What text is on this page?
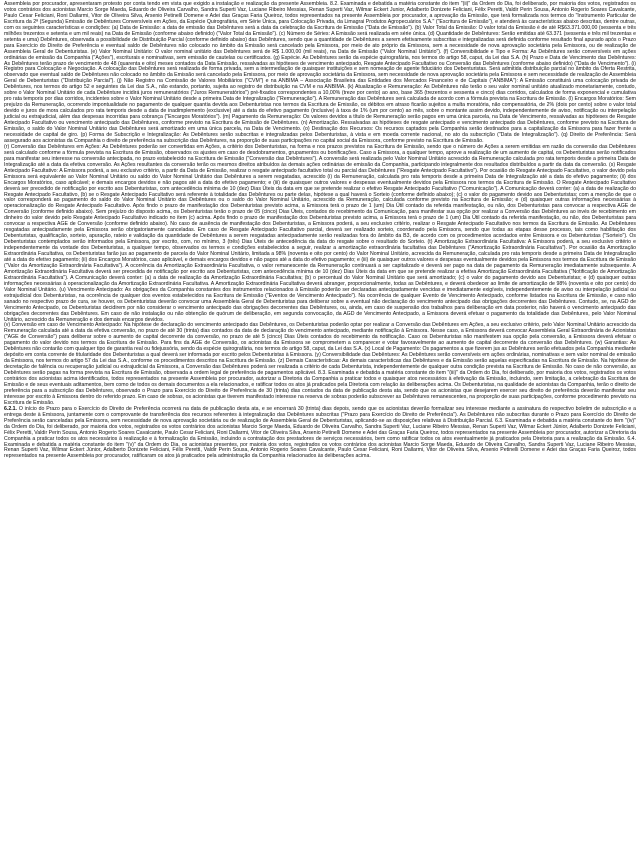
Assembleia por procurador, apresentaram protesto por conta tendo em vista que exigido a instalação e realização da presente Assembleia. 8.2. Examinada e debatida a matéria constante do item "(ii)" da Ordem do Dia, foi deliberado, por maioria dos votos, registrados os votos contrários dos acionistas Marcio Sorge Maeda, Eduardo de Oliveira Carvalho, Sandra Superti Vaz, Luciane Ribeiro Messias, Renan Superti Vaz, Wilmar Eckert Junior, Adalberto Donizete Feliciani, Félix Peretti, Valdir Perin Sousa, Antonio Rogerio Soares Cavalcante, Paulo Cesar Feliciani, Roni Dallarmi, Vitor de Oliveira Silva, Arsenio Petinelli Domene e Adei das Graças Faria Queiroz, todos representados na presente Assembleia por procurador, a aprovação da Emissão, que terá formalizada nos termos do "Instrumento Particular de Escritura da 2ª (Segunda) Emissão de Debêntures Conversíveis em Ações, da Espécie Quirografária, em Série Única, para Colocação Privada, da Limagrai Produtos Agropecuários S.A." ("Escritura de Emissão"), e atenderá às características abaixo descritas, dentre outras, com os seguintes características e condições: (a) Data de Emissão: a data de emissão das Debêntures será a data da celebração da Escritura de Emissão ("Data de Emissão"). (b) Valor Total da Emissão: O valor total da Emissão é de até R$63.371.000,00 (sessenta e três milhões trezentos e setenta e um mil reais) na Data de Emissão (conforme abaixo definido) ("Valor Total da Emissão"). (c) Número de Séries: A Emissão será realizada em série única. (d) Quantidade de Debêntures: Serão emitidas até 63.371 (sessenta e três mil trezentas e setenta e uma) Debêntures, observada a possibilidade de Distribuição Parcial (conforme definido abaixo) das Debêntures, sendo que a quantidade de Debêntures a serem efetivamente subscritas e integralizadas será definida conforme resultado final apurado após o Prazo para Exercício do Direito de Preferência e eventual saldo de Debêntures não colocado no âmbito da Emissão será cancelado pela Emissora, por meio de ato próprio da Emissora, sem a necessidade de nova aprovação societária pela Emissora, ou de realização de Assembleia Geral de Debenturistas. (e) Valor Nominal Unitário: O valor nominal unitário das Debêntures será de R$ 1.000,00 (mil reais), na Data de Emissão ("Valor Nominal Unitário"). (f) Conversibilidade e Tipo e Forma: As Debêntures serão conversíveis em ações ordinárias de emissão da Companhia ("Ações"), escriturais e nominativas, sem emissão de cautelas ou certificados. (g) Espécie. As Debêntures serão da espécie quirografária, nos termos do artigo 58, caput, da Lei das S.A. (h) Prazo e Data de Vencimento das Debêntures: As Debêntures terão prazo de vencimento de 48 (quarenta e oito) meses contados da Data Emissão, ressalvadas as hipóteses de vencimento antecipado, Resgate Antecipado Facultativo ou Conversão das Debêntures (conforme abaixo definido) ("Data de Vencimento"). (i) Registro para Colocação e Negociação. A colocação das Debêntures será realizada de forma privada, sem a intermediação de quaisquer instituições e sem nomeação de agente fiduciário dos Debenturistas. Será admitida distribuição parcial no âmbito da Oferta Restrita, observado que eventual saldo de Debêntures não colocado no âmbito da Emissão será cancelado pela Emissora, por meio de aprovação societária da Emissora, sem necessidade de nova aprovação societária pela Emissora e sem necessidade de realização de Assembleia Geral de Debenturistas ("Distribuição Parcial"). (j) Não Registro na Comissão de Valores Mobiliários ("CVM") e na ANBIMA – Associação Brasileira das Entidades dos Mercados Financeiro e de Capitais ("ANBIMA"): A Emissão constituirá uma colocação privada de Debêntures, nos termos do artigo 52 e seguintes da Lei das S.A., não estando, portanto, sujeita ao registro de distribuição na CVM e na ANBIMA. (k) Atualização e Remuneração: As Debêntures não terão o seu valor nominal unitário atualizado monetariamente, contudo, sobre o Valor Nominal Unitário de cada Debênture incidirá juros remuneratórios ("Juros Remuneratórios") pré-fixados correspondentes a 10,00% (treze por cento) ao ano, base 365 (trezentos e sessenta e cinco) dias corridos, calculados de forma exponencial e cumulativa pro rata temporis por dias corridos, incidentes sobre o Valor Nominal Unitário desde a primeira Data de Integralização ("Remuneração"). A Remuneração das Debêntures será calculada de acordo com a fórmula prevista na Escritura de Emissão. (l) Encargos Moratórios: Sem prejuízo da Remuneração, ocorrendo impontualidade no pagamento de qualquer quantia devida aos Debenturistas nos termos da Escritura de Emissão, os débitos em atraso ficarão sujeitos a multa moratória, não compensatória, de 2% (dois por cento) sobre o valor total devido e juros de mora calculados pro rata temporis desde a data de inadimplemento (exclusive) até a data do efetivo pagamento (inclusive) à taxa de 1% (um por cento) ao mês, sobre o montante assim devido, independentemente de aviso, notificação ou interpelação judicial ou extrajudicial, além das despesas incorridas para cobrança ("Encargos Moratórios"). (m) Pagamento da Remuneração: Os valores devidos a título de Remuneração serão pagos em uma única parcela, na Data de Vencimento, ressalvadas as hipóteses de Resgate Antecipado Facultativo ou vencimento antecipado das Debêntures, conforme previsto na Escritura de Emissão de Debêntures. (n) Amortização. Ressalvadas as hipóteses de resgate antecipado e vencimento antecipado das Debêntures, conforme previsto na Escritura de Emissão, o saldo do Valor Nominal Unitário das Debêntures será amortizado em uma única parcela, na Data de Vencimento. (o) Destinação dos Recursos: Os recursos captados pela Companhia serão destinados para a capitalização da Emissora para fazer frente a necessidade de capital de giro. (p) Forma de Subscrição e Integralização: As Debêntures serão subscritas e integralizadas pelos Debenturistas, à vista e em moeda corrente nacional, no ato da subscrição ("Data de Integralização"). (q) Direito de Preferência: Será assegurado aos acionistas da Companhia o direito de preferência na subscrição das Debêntures, na proporção de suas participações no capital social da Emissora, conforme previsto na Escritura de Emissão.

(r) Conversão das Debêntures em Ações: As Debêntures poderão ser convertidas em Ações, a critério dos Debenturistas, na forma e nos prazos previstos na Escritura de Emissão, sendo que o número de Ações a serem emitidas em razão da conversão das Debêntures será calculado conforme a fórmula prevista na Escritura de Emissão, observados os ajustes em caso de desdobramentos, grupamentos ou bonificações. Caso a Emissora, a qualquer tempo, aprove a realização de um aumento de capital, os Debenturistas serão notificados para manifestar seu interesse na conversão antecipada, no prazo estabelecido na Escritura de Emissão ("Conversão das Debêntures"). A conversão será realizada pelo Valor Nominal Unitário acrescido da Remuneração calculada pro rata temporis desde a primeira Data de Integralização até a data da efetiva conversão. As Ações resultantes da conversão terão os mesmos direitos atribuídos às demais ações ordinárias de emissão da Companhia, participando integralmente dos resultados distribuídos a partir da data da conversão. (s) Resgate Antecipado Facultativo: A Emissora poderá, a seu exclusivo critério, a partir da Data de Emissão, realizar o resgate antecipado facultativo total ou parcial das Debêntures ("Resgate Antecipado Facultativo"). Por ocasião do Resgate Antecipado Facultativo, o valor devido pela Emissora será equivalente ao Valor Nominal Unitário ou saldo do Valor Nominal Unitário das Debêntures a serem resgatadas, acrescido (i) da Remuneração, calculada pro rata temporis desde a primeira Data de Integralização até a data do efetivo pagamento; (ii) dos Encargos Moratórios, caso aplicável; e demais encargos devidos e não pagos até a data do efetivo pagamento; e (iii) de quaisquer outros valores e despesas eventualmente devidos pela Emissora nos termos da Escritura de Emissão. O Resgate Antecipado Facultativo deverá ser precedido de notificação por escrito aos Debenturistas, com antecedência mínima de 10 (dez) Dias Úteis da data em que se pretende realizar o efetivo Resgate Antecipado Facultativo ("Comunicação"). A Comunicação deverá conter: (a) a data de realização do Resgate Antecipado Facultativo, (b) se o Resgate Antecipado Facultativo será referente à totalidade das Debêntures ou parte delas, hipótese a qual haverá o Sorteio (conforme definido abaixo); (c) o valor do pagamento devido aos Debenturistas; com a menção de que o valor corresponderá ao pagamento do saldo do Valor Nominal Unitário das Debêntures ou o saldo do Valor Nominal Unitário, acrescido da Remuneração, calculada conforme previsto na Escritura de Emissão; e (d) quaisquer outras informações necessárias à operacionalização do Resgate Antecipado Facultativo. Após findo o prazo de manifestação dos Debenturistas previsto acima, a Emissora terá o prazo de 1 (um) Dia Útil contado da referida manifestação, ou não, dos Debenturistas para convocar a respectiva AGE de Conversão (conforme definido abaixo). Sem prejuízo do disposto acima, os Debenturistas terão o prazo de 05 (cinco) Dias Úteis, contados do recebimento da Comunicação, para manifestar sua opção por realizar a Conversão das Debêntures ao invés de recebimento em dinheiro do valor devido pelo Resgate Antecipado Facultativo indicado no item (c) acima. Após findo o prazo de manifestação dos Debenturistas previsto acima, a Emissora terá o prazo de 1 (um) Dia Útil contado da referida manifestação, ou não, dos Debenturistas para convocar a respectiva AGE de Conversão (conforme definido abaixo). No caso de ausência de manifestação dos Debenturistas, a Emissora poderá, a seu exclusivo critério, realizar o Resgate Antecipado Facultativo nos termos da Escritura de Emissão. As Debêntures resgatadas antecipadamente pela Emissora serão obrigatoriamente canceladas. Em caso de Resgate Antecipado Facultativo parcial, deverá ser realizado sorteio, coordenado pela Emissora, sendo que todas as etapas desse processo, tais como habilitação dos Debenturistas, qualificação, sorteio, apuração, rateio e validação da quantidade de Debêntures a serem resgatadas antecipadamente serão realizadas fora do âmbito da B3, de acordo com os procedimentos acordados entre Emissora e os Debenturistas ("Sorteio"). Os Debenturistas contemplados serão informados pela Emissora, por escrito, com, no mínimo, 3 (três) Dias Úteis de antecedência da data do resgate sobre o resultado do Sorteio. (t) Amortização Extraordinária Facultativa: A Emissora poderá, a seu exclusivo critério e independentemente da vontade dos Debenturistas, a qualquer tempo, observados os termos e condições estabelecidos a seguir, realizar a amortização extraordinária facultativa das Debêntures ("Amortização Extraordinária Facultativa"). Por ocasião da Amortização Extraordinária Facultativa, os Debenturistas farão jus ao pagamento de parcela do Valor Nominal Unitário, limitada a 98% (noventa e oito por cento) do Valor Nominal Unitário, acrescida da Remuneração, calculada pro rata temporis desde a primeira Data de Integralização até a data do efetivo pagamento; (ii) dos Encargos Moratórios, caso aplicável, e demais encargos devidos e não pagos até a data do efetivo pagamento; e (iii) de quaisquer outros valores e despesas eventualmente devidos pela Emissora nos termos da Escritura de Emissão ("Valor da Amortização Extraordinária Facultativa"). A ocorrência da Amortização Extraordinária Facultativa, o valor remanescente da Remuneração continuará a ser capitalizado e deverá ser pago na data de pagamento da Remuneração imediatamente subsequente. A Amortização Extraordinária Facultativa deverá ser precedida de notificação por escrito aos Debenturistas, com antecedência mínima de 10 (dez) Dias Úteis da data em que se pretende realizar a efetiva Amortização Extraordinária Facultativa ("Notificação de Amortização Extraordinária Facultativa"). A Comunicação deverá conter: (a) a data de realização da Amortização Extraordinária Facultativa; (b) o percentual do Valor Nominal Unitário que será amortizado; (c) o valor do pagamento devido aos Debenturistas; e (d) quaisquer outras informações necessárias à operacionalização da Amortização Extraordinária Facultativa. A Amortização Extraordinária Facultativa deverá abranger, proporcionalmente, todas as Debêntures, e deverá obedecer ao limite de amortização de 98% (noventa e oito por cento) do Valor Nominal Unitário. (u) Vencimento Antecipado: As obrigações da Companhia constantes dos instrumentos relacionados à Emissão poderão ser declaradas antecipadamente vencidas e imediatamente exigíveis, independentemente de aviso ou interpelação judicial ou extrajudicial dos Debenturistas, na ocorrência de qualquer dos eventos estabelecidos na Escritura de Emissão ("Eventos de Vencimento Antecipado"). Na ocorrência de qualquer Evento de Vencimento Antecipado, conforme listados na Escritura de Emissão, e caso não sanado no respectivo prazo de cura, se houver, os Debenturistas deverão convocar uma Assembleia Geral de Debenturistas para deliberar sobre a eventual não declaração do vencimento antecipado das obrigações decorrentes das Debêntures. Contudo, se, na AGD de Vencimento Antecipado, os Debenturistas decidirem por não considerar o vencimento antecipado das obrigações decorrentes das Debêntures, ou, ainda, em caso de suspensão dos trabalhos para deliberação em data posterior, não haverá o vencimento antecipado das obrigações decorrentes das Debêntures. Em caso de não instalação ou não obtenção de quórum de deliberação, em segunda convocação, da AGD de Vencimento Antecipado, a Emissora deverá efetuar o pagamento da totalidade das Debêntures, pelo Valor Nominal Unitário, acrescido da Remuneração e dos demais encargos devidos.

(v) Conversão em caso de Vencimento Antecipado: Na hipótese de declaração do vencimento antecipado das Debêntures, os Debenturistas poderão optar por realizar a Conversão das Debêntures em Ações, a seu exclusivo critério, pelo Valor Nominal Unitário acrescido da Remuneração calculada até a data da efetiva conversão, no prazo de até 30 (trinta) dias contados da data de declaração do vencimento antecipado, mediante notificação à Emissora. Nesse caso, a Emissora deverá convocar Assembleia Geral Extraordinária de Acionistas ("AGE de Conversão") para deliberar sobre o aumento de capital decorrente da conversão, no prazo de até 5 (cinco) Dias Úteis contados do recebimento da notificação. Caso os Debenturistas não manifestem sua opção pela conversão, a Emissora deverá efetuar o pagamento do valor devido nos termos da Escritura de Emissão. Para fins da AGE de Conversão, os acionistas da Emissora se comprometem a comparecer e votar favoravelmente ao aumento de capital decorrente da conversão das Debêntures. (w) Garantias: As Debêntures não contarão com qualquer tipo de garantia real ou fidejussória, sendo da espécie quirografária, nos termos do artigo 58, caput, da Lei das S.A. (x) Local de Pagamento: Os pagamentos a que fizerem jus as Debêntures serão efetuados pela Companhia mediante depósito em conta corrente de titularidade dos Debenturistas a qual deverá ser informada por escrito pelos Debenturistas à Emissora. (y) Conversibilidade das Debêntures: As Debêntures serão conversíveis em ações ordinárias, nominativas e sem valor nominal de emissão da Emissora, nos termos do artigo 57 da Lei das S.A., conforme os procedimentos descritos na Escritura de Emissão. (z) Demais Características: As demais características das Debêntures e da Emissão serão aquelas especificadas na Escritura de Emissão. Na hipótese de decretação de falência ou recuperação judicial ou extrajudicial da Emissora, a Conversão das Debêntures poderá ser realizada a critério de cada Debenturista, independentemente de qualquer outra condição prevista na Escritura de Emissão. No caso de não conversão, as Debêntures serão pagas na forma prevista na Escritura de Emissão, observada a ordem legal de preferência de pagamentos aplicável. 8.3. Examinada e debatida a matéria constante do item "(iii)" da Ordem do Dia, foi deliberado, por maioria dos votos, registrados os votos contrários dos acionistas acima identificados, todos representados na presente Assembleia por procurador, autorizar a Diretoria da Companhia a praticar todos e quaisquer atos necessários à efetivação da Emissão, incluindo, sem limitação, a celebração da Escritura de Emissão e de seus eventuais aditamentos, bem como de todos os demais documentos a ela relacionados, e ratificar todos os atos já praticados pela Diretoria com relação às deliberações acima. Os Debenturistas, na qualidade de acionistas da Companhia, terão o direito de preferência para a subscrição das Debêntures, observado o Prazo para Exercício do Direito de Preferência de 30 (trinta) dias contados da data de publicação desta ata, sendo que os acionistas que desejarem exercer seu direito de preferência deverão manifestar seu interesse por escrito à Emissora dentro do referido prazo. Em caso de sobras, os acionistas que tiverem manifestado interesse na reserva de sobras poderão subscrever as Debêntures remanescentes, na proporção de suas participações, conforme procedimento previsto na Escritura de Emissão.

6.2.1. O início do Prazo para o Exercício do Direito de Preferência ocorrerá na data de publicação desta ata, e se encerrará 30 (trinta) dias depois, sendo que os acionistas deverão formalizar seu interesse mediante a assinatura do respectivo boletim de subscrição e a entrega deste à Emissora, juntamente com o comprovante de transferência dos recursos referentes à integralização das Debêntures subscritas ("Prazo para Exercício do Direito de Preferência"). As Debêntures não subscritas durante o Prazo para Exercício do Direito de Preferência serão canceladas pela Emissora, sem necessidade de nova aprovação societária ou de realização de Assembleia Geral de Debenturistas, aplicando-se as disposições relativas à Distribuição Parcial. 6.3. Examinada e debatida a matéria constante do item "(iv)" da Ordem do Dia, foi deliberado, por maioria dos votos, registrados os votos contrários dos acionistas Marcio Sorge Maeda, Eduardo de Oliveira Carvalho, Sandra Superti Vaz, Luciane Ribeiro Messias, Renan Superti Vaz, Wilmar Eckert Júnior, Adalberto Donizete Feliciani, Félix Peretti, Valdir Perin Sousa, Antonio Rogerio Soares Cavalcante, Paulo Cesar Feliciani, Roni Dallarmi, Vitor de Oliveira Silva, Arsenio Petinelli Domene e Adei das Graças Faria Queiroz, todos representados na presente Assembleia por procurador, autorizar a Diretoria da Companhia a praticar todos os atos necessários à realização e à formalização da Emissão, incluindo a contratação dos prestadores de serviços necessários, bem como ratificar todos os atos eventualmente já praticados pela Diretoria para a realização da Emissão. 6.4. Examinada e debatida a matéria constante do item "(v)" da Ordem do Dia, os acionistas presentes, por maioria dos votos, registrados os votos contrários dos acionistas Marcio Sorge Maeda, Eduardo de Oliveira Carvalho, Sandra Superti Vaz, Luciane Ribeiro Messias, Renan Superti Vaz, Wilmar Eckert Júnior, Adalberto Donizete Feliciani, Félix Peretti, Valdir Perin Sousa, Antonio Rogerio Soares Cavalcante, Paulo Cesar Feliciani, Roni Dallarmi, Vitor de Oliveira Silva, Arsenio Petinelli Domene e Adei das Graças Faria Queiroz, todos representados na presente Assembleia por procurador, ratificaram os atos já praticados pela administração da Companhia relacionados às deliberações acima.
